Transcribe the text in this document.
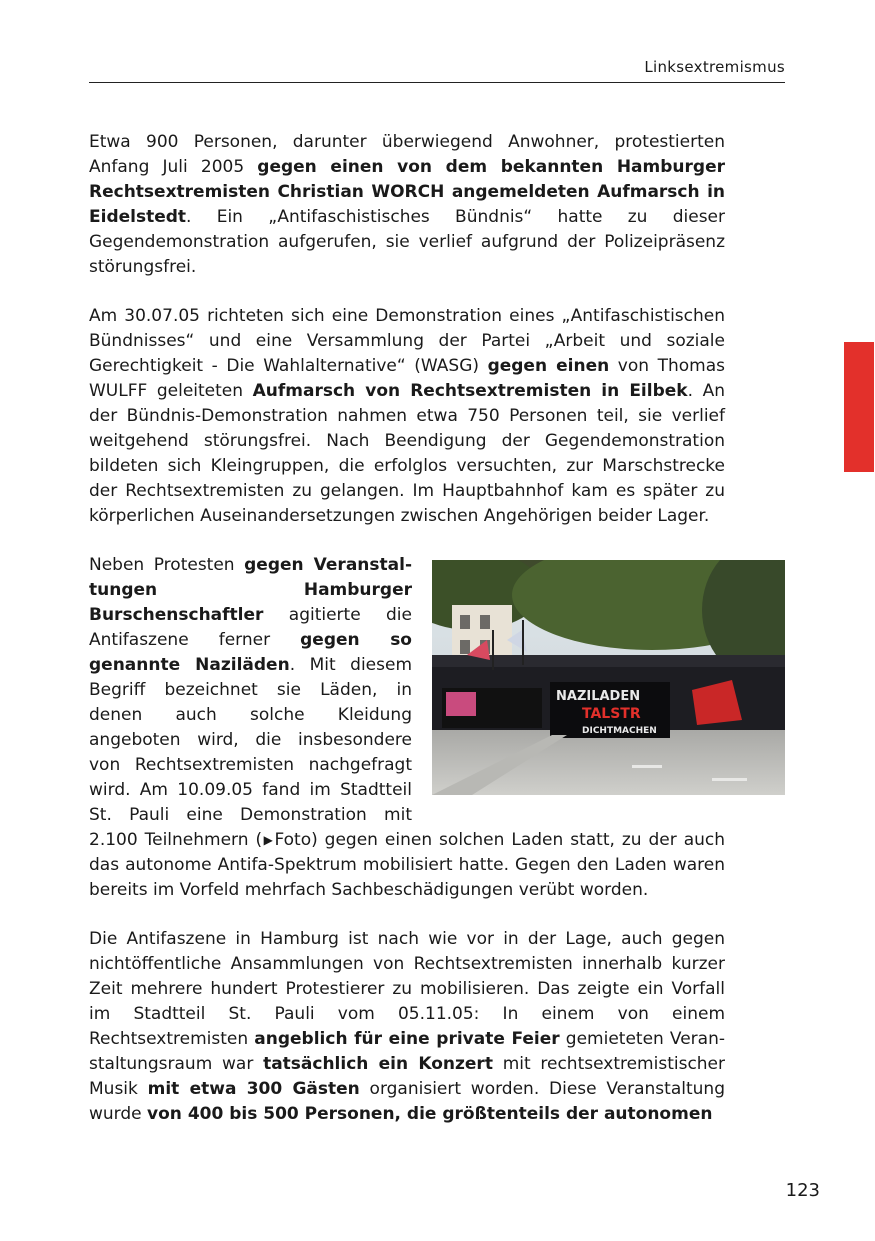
Linksextremismus

Etwa 900 Personen, darunter überwiegend Anwohner, protestierten Anfang Juli 2005 gegen einen von dem bekannten Hamburger Rechtsextremisten Christian WORCH angemeldeten Aufmarsch in Eidelstedt. Ein „Antifaschistisches Bündnis“ hatte zu dieser Gegendemonstration aufgerufen, sie verlief aufgrund der Polizeipräsenz störungsfrei.

Am 30.07.05 richteten sich eine Demonstration eines „Antifaschistischen Bündnisses“ und eine Versammlung der Partei „Arbeit und soziale Gerechtigkeit - Die Wahlalternative“ (WASG) gegen einen von Thomas WULFF geleiteten Aufmarsch von Rechtsextremisten in Eilbek. An der Bündnis-Demonstration nahmen etwa 750 Personen teil, sie verlief weitgehend störungsfrei. Nach Beendigung der Gegendemonstration bildeten sich Kleingruppen, die erfolglos versuchten, zur Marschstrecke der Rechtsextremisten zu gelangen. Im Hauptbahnhof kam es später zu körperlichen Auseinandersetzungen zwischen Angehörigen beider Lager.

NAZILADEN
TALSTR
DICHTMACHEN
Neben Protesten gegen Veranstaltungen Hamburger Burschenschaftler agitierte die Antifaszene ferner gegen so genannte Naziläden. Mit diesem Begriff bezeichnet sie Läden, in denen auch solche Kleidung angeboten wird, die insbesondere von Rechtsextremisten nachgefragt wird. Am 10.09.05 fand im Stadtteil St. Pauli eine Demonstration mit 2.100 Teilnehmern (▶Foto) gegen einen solchen Laden statt, zu der auch das autonome Antifa-Spektrum mobilisiert hatte. Gegen den Laden waren bereits im Vorfeld mehrfach Sachbeschädigungen verübt worden.

Die Antifaszene in Hamburg ist nach wie vor in der Lage, auch gegen nichtöffentliche Ansammlungen von Rechtsextremisten innerhalb kurzer Zeit mehrere hundert Protestierer zu mobilisieren. Das zeigte ein Vorfall im Stadtteil St. Pauli vom 05.11.05: In einem von einem Rechtsextremisten angeblich für eine private Feier gemieteten Veranstaltungsraum war tatsächlich ein Konzert mit rechtsextremistischer Musik mit etwa 300 Gästen organisiert worden. Diese Veranstaltung wurde von 400 bis 500 Personen, die größtenteils der autonomen

123
